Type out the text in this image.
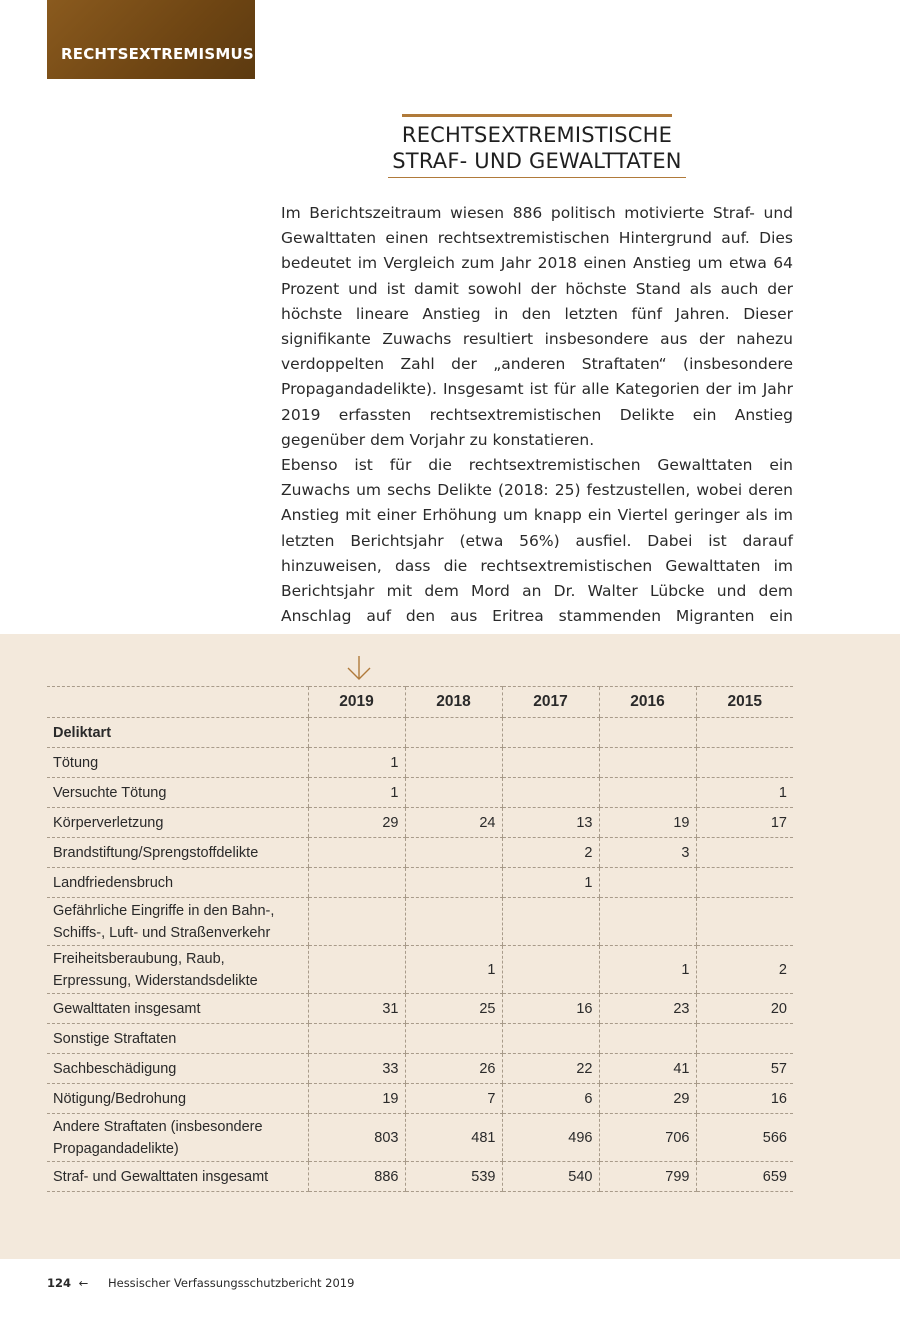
RECHTSEXTREMISMUS
RECHTSEXTREMISTISCHE
STRAF- UND GEWALTTATEN

Im Berichtszeitraum wiesen 886 politisch motivierte Straf- und Gewalttaten einen rechtsextremistischen Hintergrund auf. Dies bedeutet im Vergleich zum Jahr 2018 einen Anstieg um etwa 64 Prozent und ist damit sowohl der höchste Stand als auch der höchste lineare Anstieg in den letzten fünf Jahren. Dieser signifikante Zuwachs resultiert insbesondere aus der nahezu verdoppelten Zahl der „anderen Straftaten“ (insbesondere Propagandadelikte). Insgesamt ist für alle Kategorien der im Jahr 2019 erfassten rechtsextremistischen Delikte ein Anstieg gegenüber dem Vorjahr zu konstatieren.

Ebenso ist für die rechtsextremistischen Gewalttaten ein Zuwachs um sechs Delikte (2018: 25) festzustellen, wobei deren Anstieg mit einer Erhöhung um knapp ein Viertel geringer als im letzten Berichtsjahr (etwa 56%) ausfiel. Dabei ist darauf hinzuweisen, dass die rechtsextremistischen Gewalttaten im Berichtsjahr mit dem Mord an Dr. Walter Lübcke und dem Anschlag auf den aus Eritrea stammenden Migranten ein

	2019	2018	2017	2016	2015
Deliktart					
Tötung	1				
Versuchte Tötung	1				1
Körperverletzung	29	24	13	19	17
Brandstiftung/Sprengstoffdelikte			2	3	
Landfriedensbruch			1		
Gefährliche Eingriffe in den Bahn-, Schiffs-, Luft- und Straßenverkehr					
Freiheitsberaubung, Raub, Erpressung, Widerstandsdelikte		1		1	2
Gewalttaten insgesamt	31	25	16	23	20
Sonstige Straftaten					
Sachbeschädigung	33	26	22	41	57
Nötigung/Bedrohung	19	7	6	29	16
Andere Straftaten (insbesondere Propagandadelikte)	803	481	496	706	566
Straf- und Gewalttaten insgesamt	886	539	540	799	659
124 ← Hessischer Verfassungsschutzbericht 2019
